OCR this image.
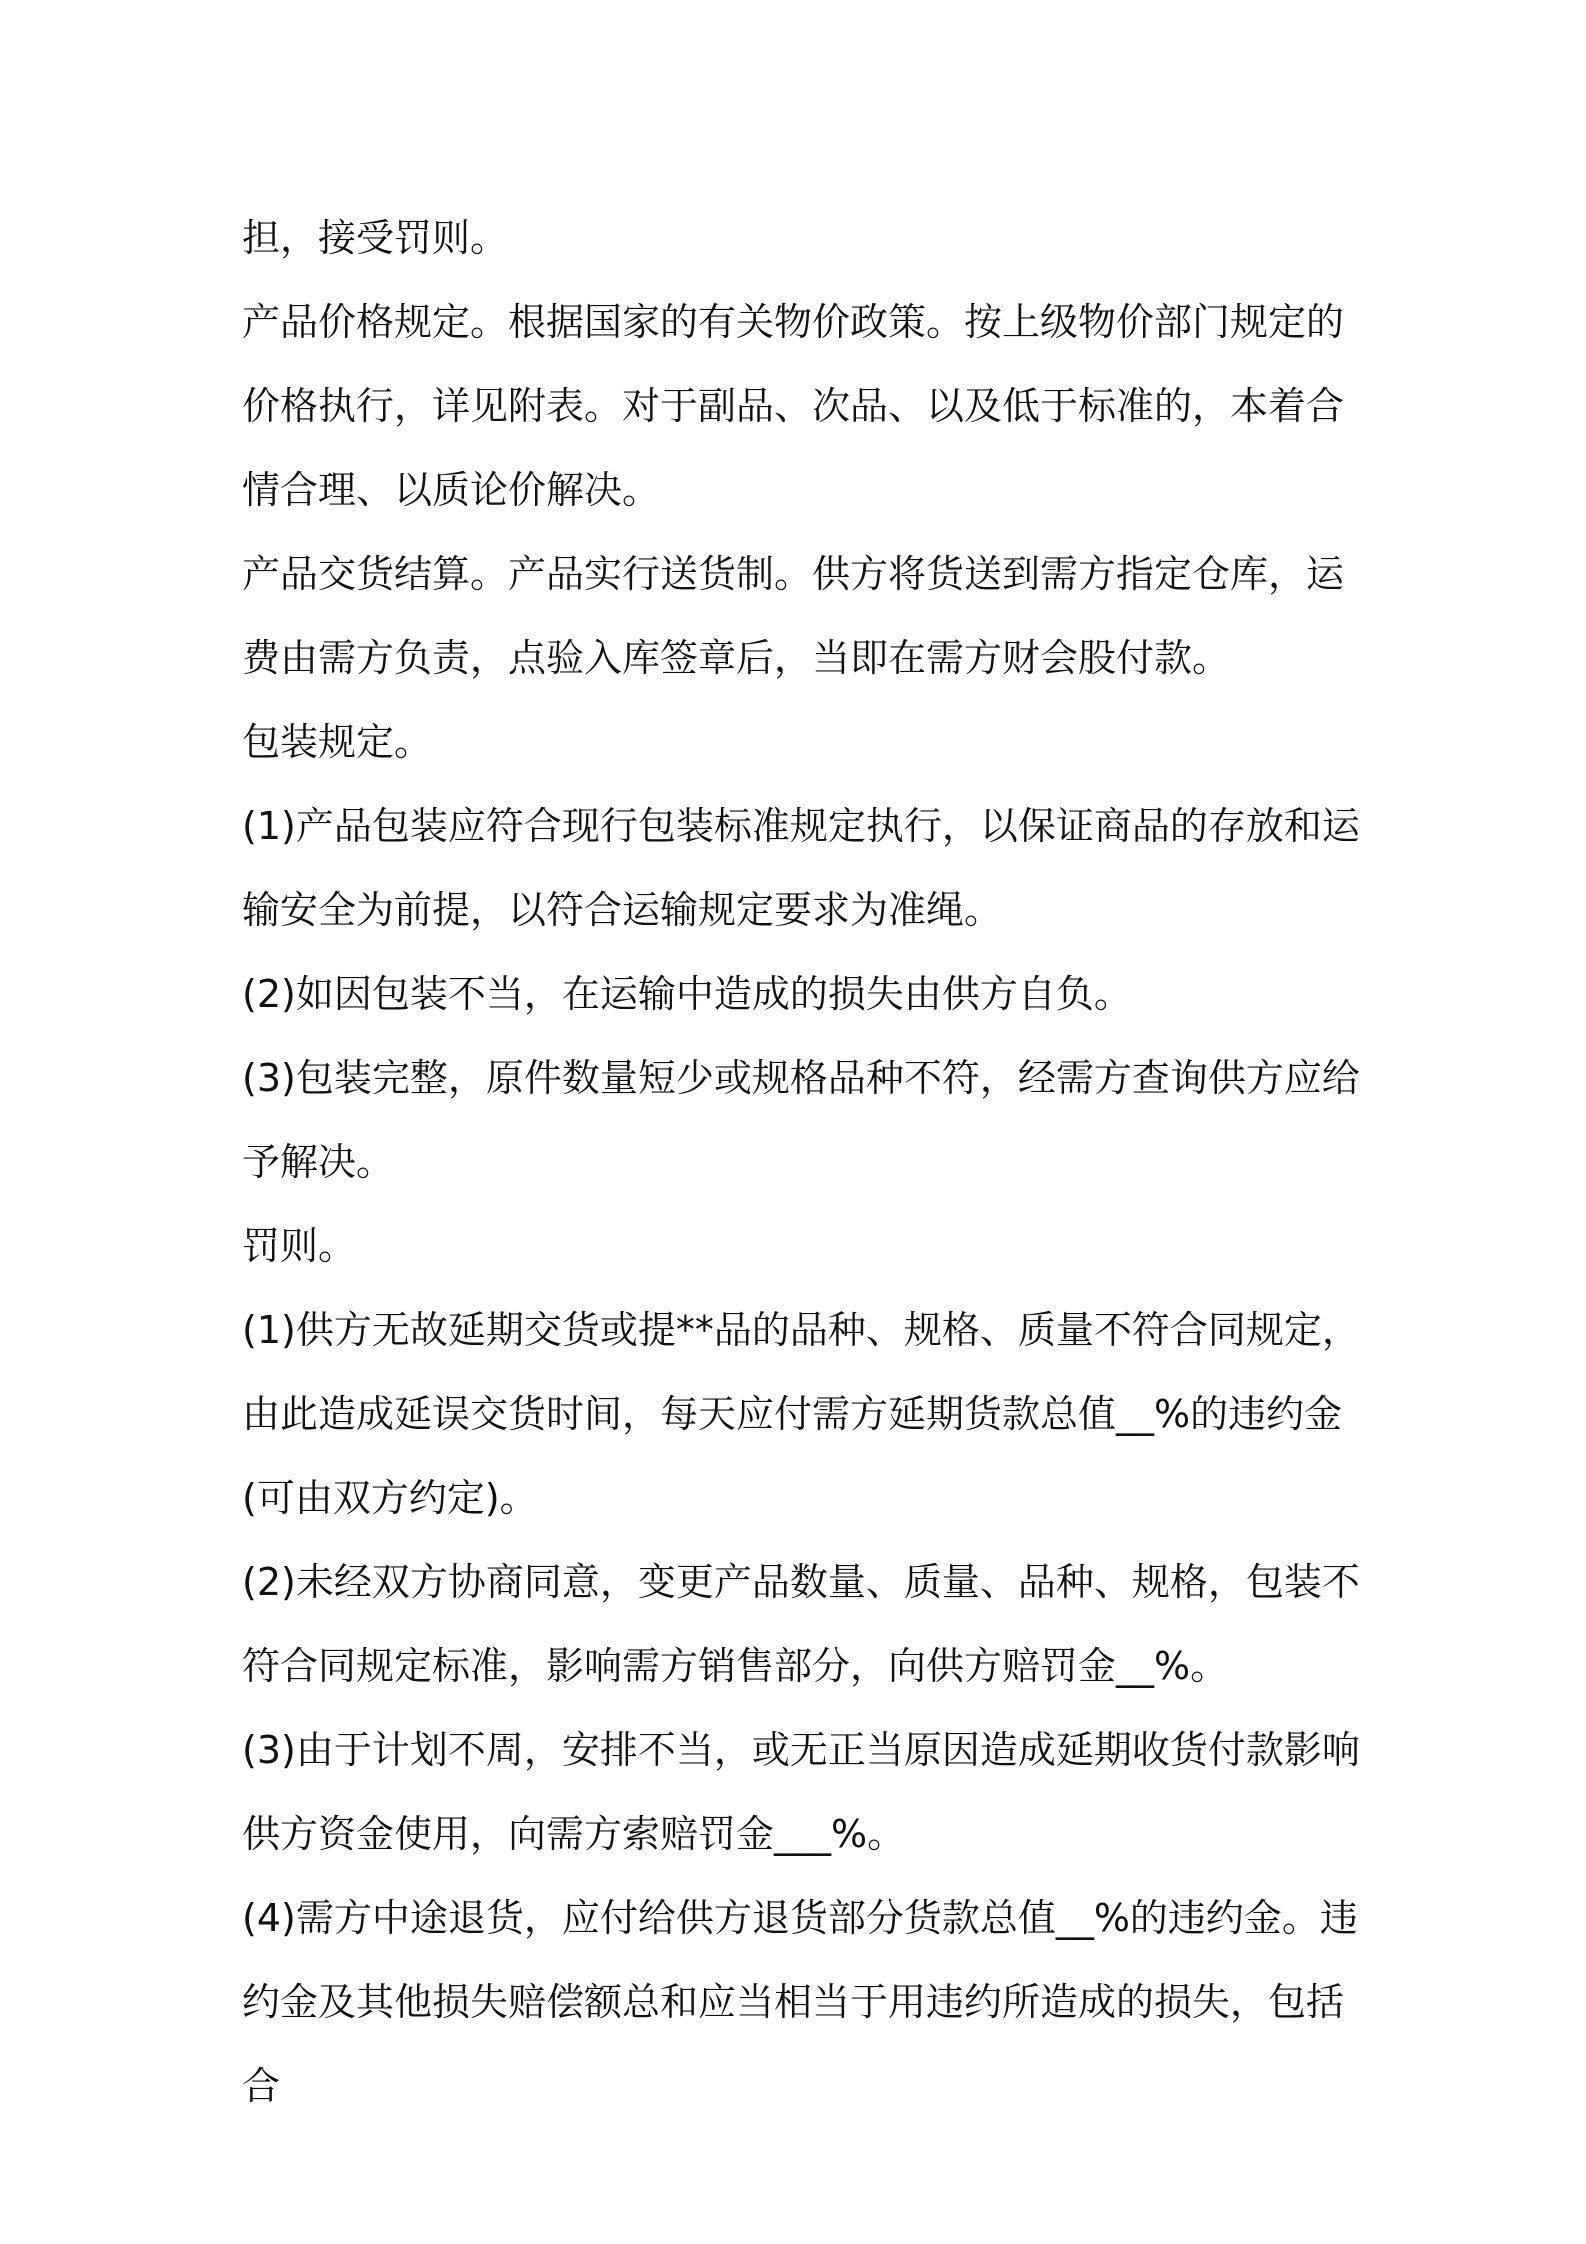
担，接受罚则。

产品价格规定。根据国家的有关物价政策。按上级物价部门规定的价格执行，详见附表。对于副品、次品、以及低于标准的，本着合情合理、以质论价解决。

产品交货结算。产品实行送货制。供方将货送到需方指定仓库，运费由需方负责，点验入库签章后，当即在需方财会股付款。

包装规定。

(1)产品包装应符合现行包装标准规定执行，以保证商品的存放和运输安全为前提，以符合运输规定要求为准绳。

(2)如因包装不当，在运输中造成的损失由供方自负。

(3)包装完整，原件数量短少或规格品种不符，经需方查询供方应给予解决。

罚则。

(1)供方无故延期交货或提**品的品种、规格、质量不符合同规定，由此造成延误交货时间，每天应付需方延期货款总值__%的违约金(可由双方约定)。

(2)未经双方协商同意，变更产品数量、质量、品种、规格，包装不符合同规定标准，影响需方销售部分，向供方赔罚金__%。

(3)由于计划不周，安排不当，或无正当原因造成延期收货付款影响供方资金使用，向需方索赔罚金___%。

(4)需方中途退货，应付给供方退货部分货款总值__%的违约金。违约金及其他损失赔偿额总和应当相当于用违约所造成的损失，包括合
